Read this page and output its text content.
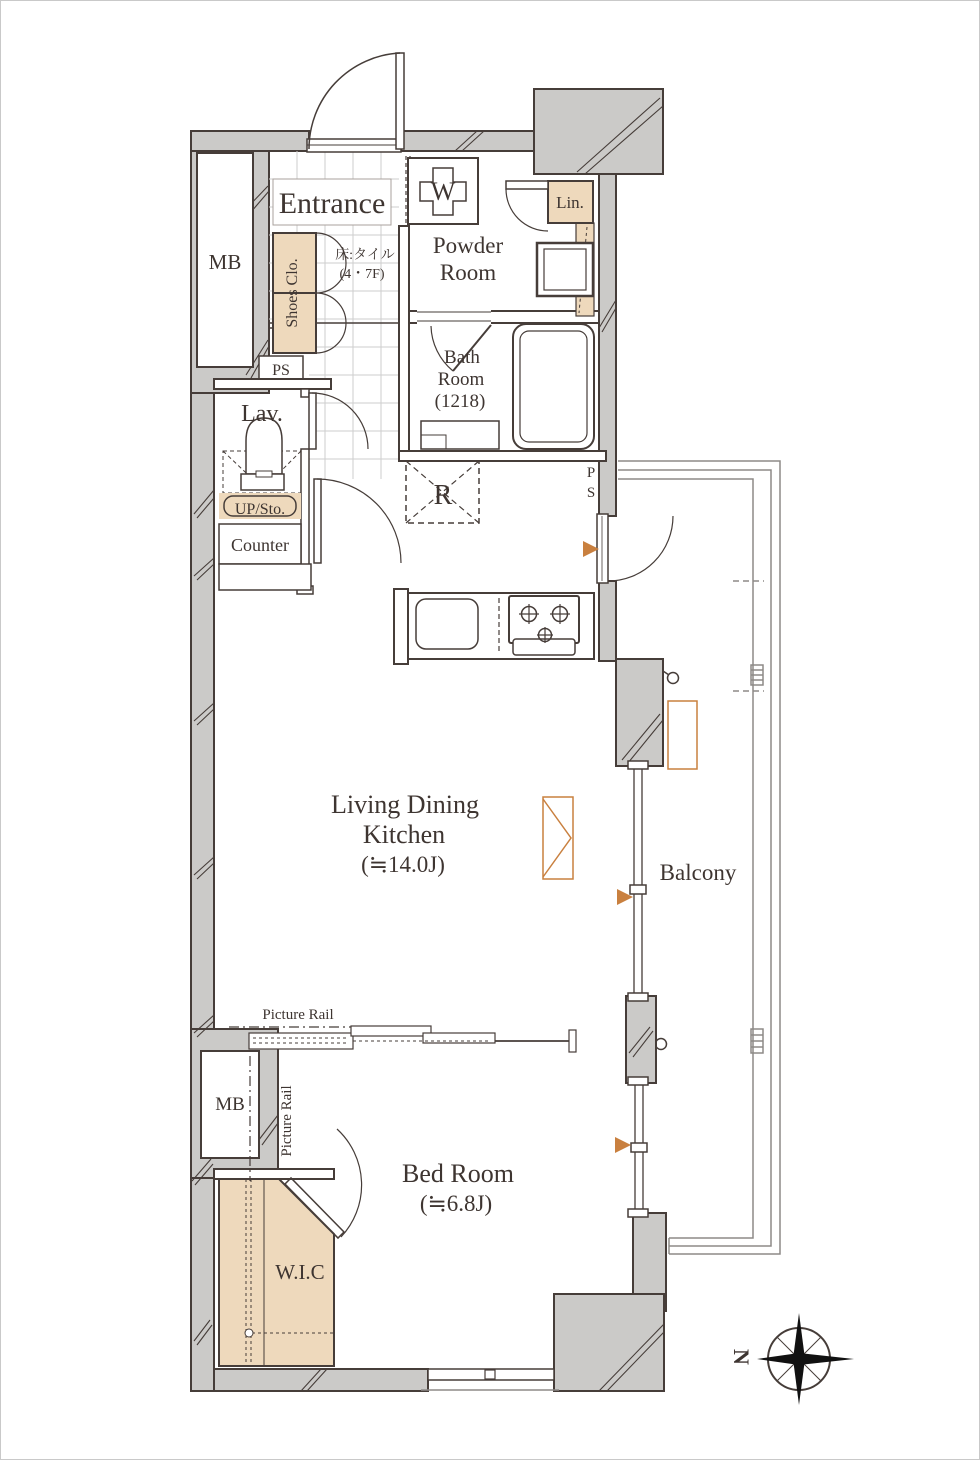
Entrance
床:タイル
(4・7F)
W	Lin.
Powder
Room
MB
MB
Shoes Clo.
PS
Lav.
UP/Sto.
Counter
Bath
Room
(1218)
R
P
S
Living Dining
Kitchen
(≒14.0J)	Balcony
Picture Rail
Picture Rail
Bed Room
(≒6.8J)
W.I.C
N
